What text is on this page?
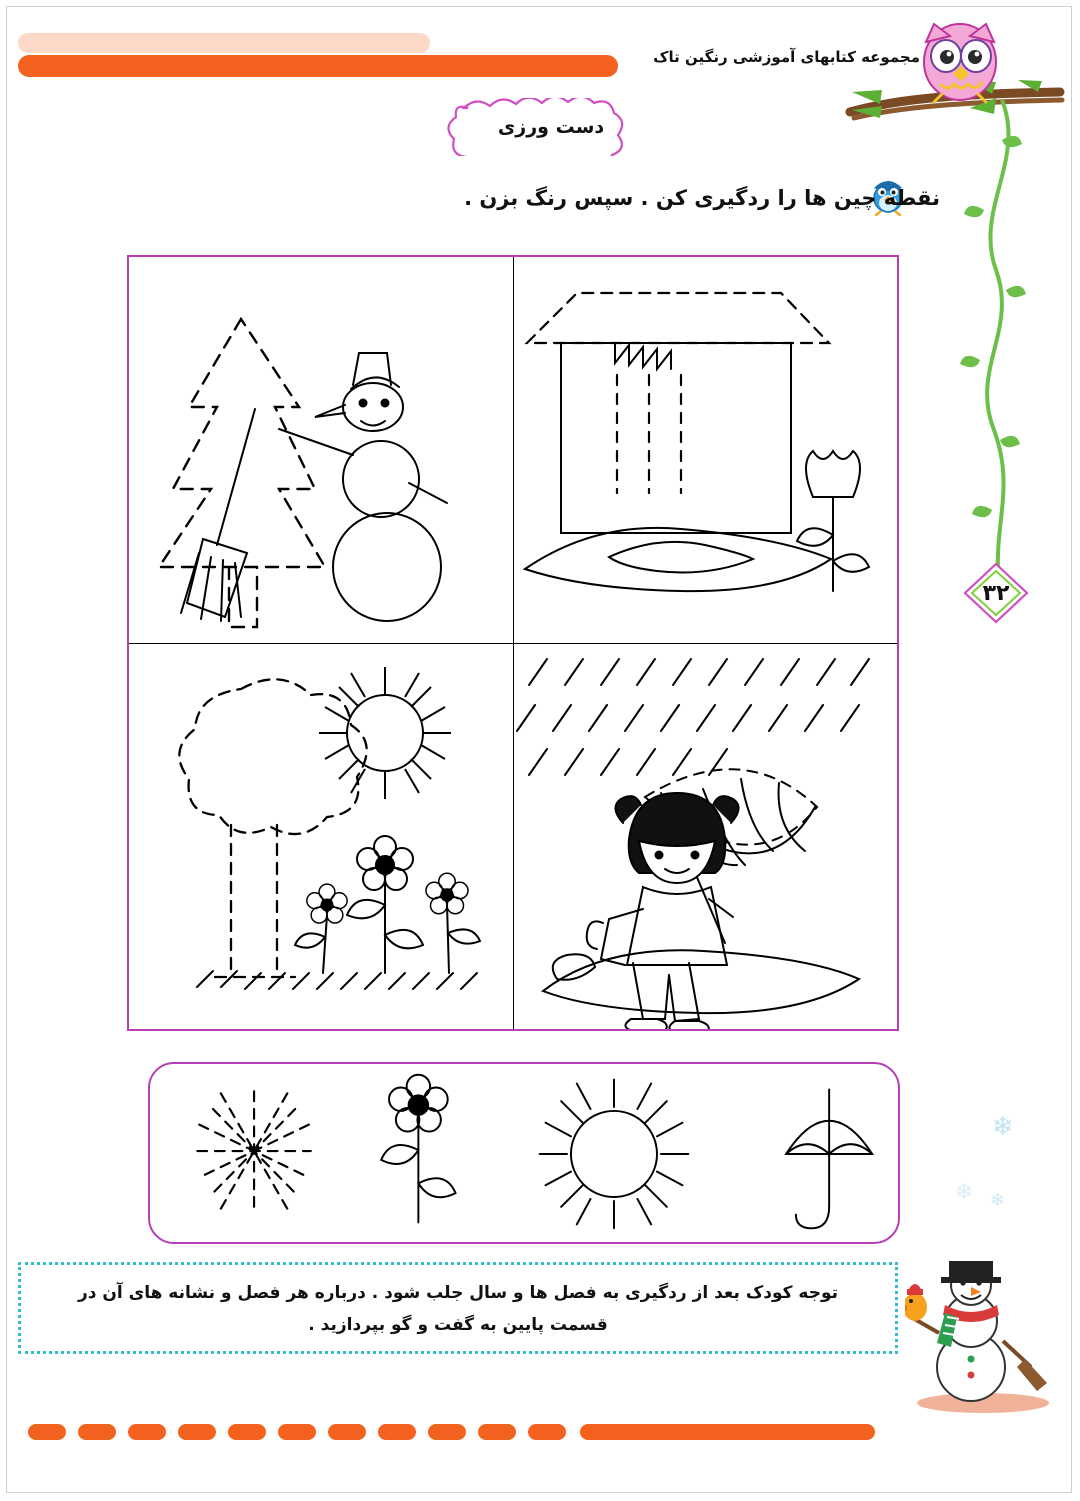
مجموعه کتابهای آموزشی رنگین تاک
دست ورزی
نقطه چین ها را ردگیری کن . سپس رنگ بزن .
۳۲
توجه کودک بعد از ردگیری به فصل ها و سال جلب شود . درباره هر فصل و نشانه های آن در
قسمت پایین به گفت و گو بپردازید .
❄
❄ ❄
